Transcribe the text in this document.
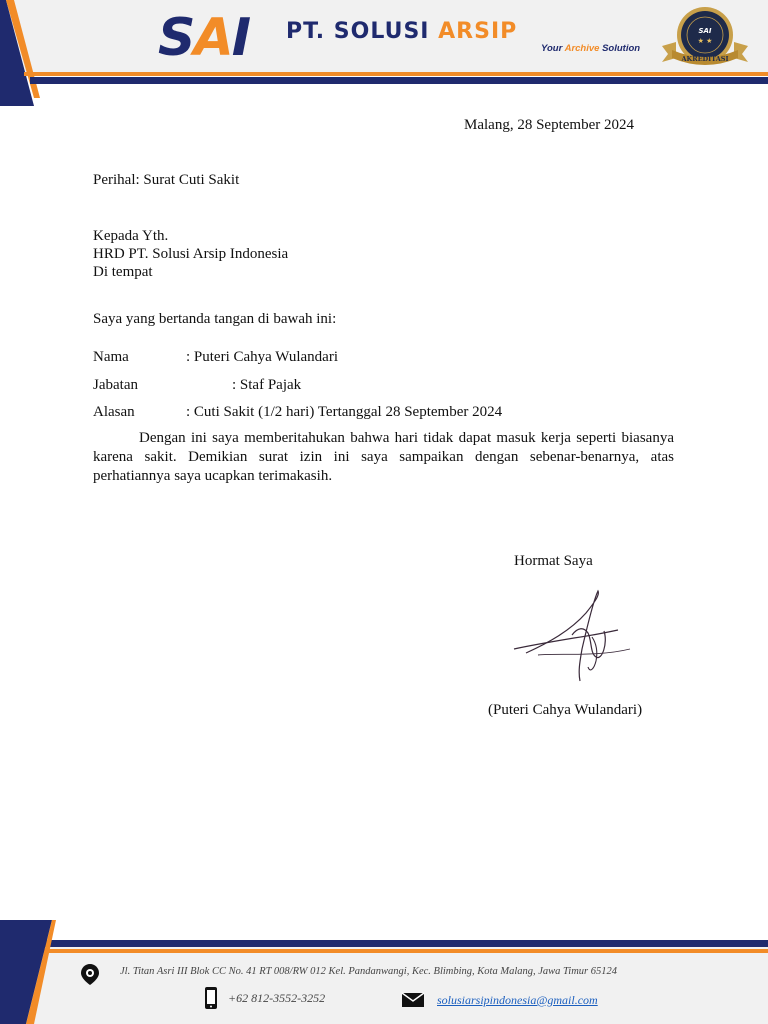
SAI PT. SOLUSI ARSIP
Your Archive Solution
SAI
★ ★
AKREDITASI
Malang, 28 September 2024
Perihal: Surat Cuti Sakit
Kepada Yth.
HRD PT. Solusi Arsip Indonesia
Di tempat
Saya yang bertanda tangan di bawah ini:
Nama	: Puteri Cahya Wulandari
Jabatan	: Staf Pajak
Alasan	: Cuti Sakit (1/2 hari) Tertanggal 28 September 2024
Dengan ini saya memberitahukan bahwa hari tidak dapat masuk kerja seperti biasanya karena sakit. Demikian surat izin ini saya sampaikan dengan sebenar-benarnya, atas perhatiannya saya ucapkan terimakasih.
Hormat Saya
(Puteri Cahya Wulandari)
Jl. Titan Asri III Blok CC No. 41 RT 008/RW 012 Kel. Pandanwangi, Kec. Blimbing, Kota Malang, Jawa Timur 65124
+62 812-3552-3252	solusiarsipindonesia@gmail.com
